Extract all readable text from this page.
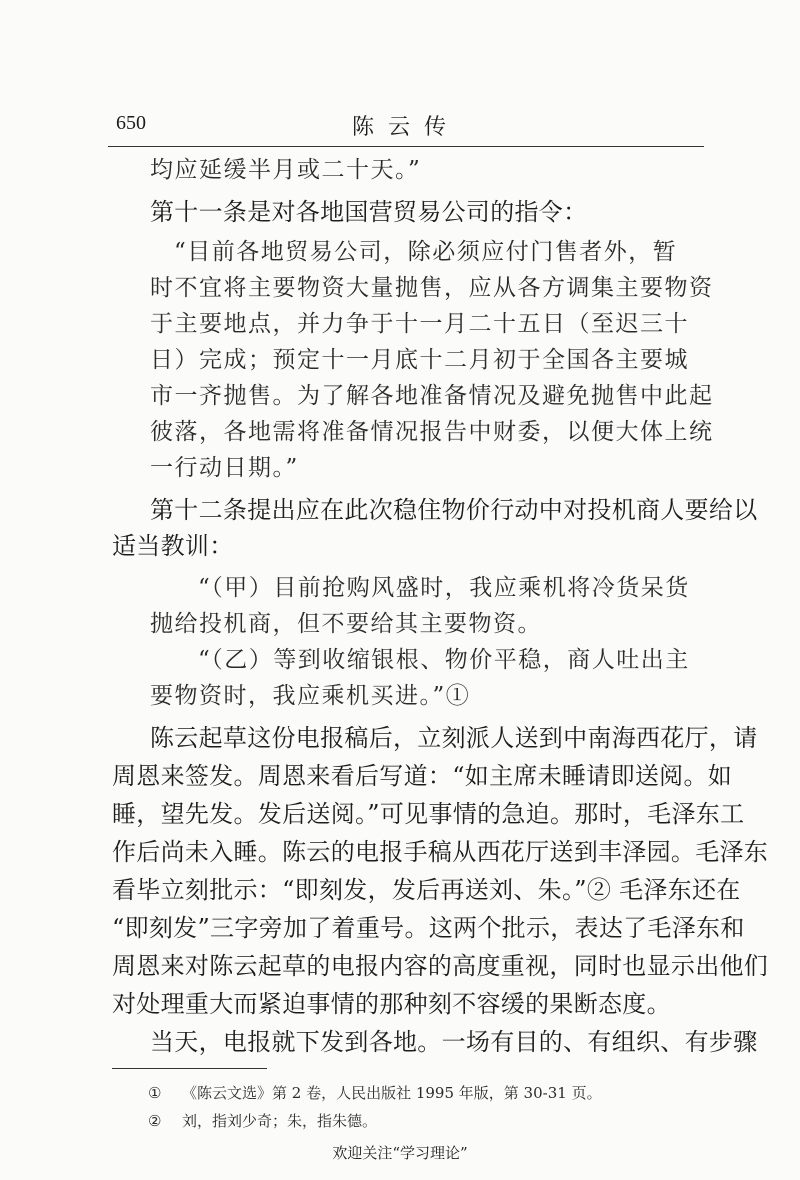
650	陈云传
均应延缓半月或二十天。”
第十一条是对各地国营贸易公司的指令：
“目前各地贸易公司，除必须应付门售者外，暂
时不宜将主要物资大量抛售，应从各方调集主要物资
于主要地点，并力争于十一月二十五日（至迟三十
日）完成；预定十一月底十二月初于全国各主要城
市一齐抛售。为了解各地准备情况及避免抛售中此起
彼落，各地需将准备情况报告中财委，以便大体上统
一行动日期。”
第十二条提出应在此次稳住物价行动中对投机商人要给以
适当教训：
“（甲）目前抢购风盛时，我应乘机将冷货呆货
抛给投机商，但不要给其主要物资。
“（乙）等到收缩银根、物价平稳，商人吐出主
要物资时，我应乘机买进。”①
陈云起草这份电报稿后，立刻派人送到中南海西花厅，请
周恩来签发。周恩来看后写道：“如主席未睡请即送阅。如
睡，望先发。发后送阅。”可见事情的急迫。那时，毛泽东工
作后尚未入睡。陈云的电报手稿从西花厅送到丰泽园。毛泽东
看毕立刻批示：“即刻发，发后再送刘、朱。”② 毛泽东还在
“即刻发”三字旁加了着重号。这两个批示，表达了毛泽东和
周恩来对陈云起草的电报内容的高度重视，同时也显示出他们
对处理重大而紧迫事情的那种刻不容缓的果断态度。
当天，电报就下发到各地。一场有目的、有组织、有步骤
① 《陈云文选》第 2 卷，人民出版社 1995 年版，第 30-31 页。
② 刘，指刘少奇；朱，指朱德。
欢迎关注“学习理论”
